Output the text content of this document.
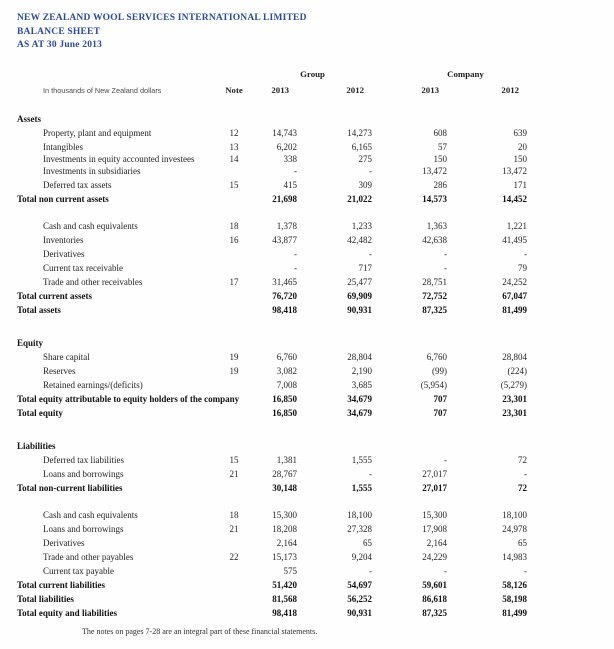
NEW ZEALAND WOOL SERVICES INTERNATIONAL LIMITED
BALANCE SHEET
AS AT 30 June 2013
		Group		Company	
In thousands of New Zealand dollars	Note	2013	2012	2013	2012

Assets					
Property, plant and equipment	12	14,743	14,273	608	639
Intangibles	13	6,202	6,165	57	20
Investments in equity accounted investees	14	338	275	150	150
Investments in subsidiaries		-	-	13,472	13,472
Deferred tax assets	15	415	309	286	171
Total non current assets		21,698	21,022	14,573	14,452

Cash and cash equivalents	18	1,378	1,233	1,363	1,221
Inventories	16	43,877	42,482	42,638	41,495
Derivatives		-	-	-	-
Current tax receivable		-	717	-	79
Trade and other receivables	17	31,465	25,477	28,751	24,252
Total current assets		76,720	69,909	72,752	67,047
Total assets		98,418	90,931	87,325	81,499

Equity					
Share capital	19	6,760	28,804	6,760	28,804
Reserves	19	3,082	2,190	(99)	(224)
Retained earnings/(deficits)		7,008	3,685	(5,954)	(5,279)
Total equity attributable to equity holders of the company		16,850	34,679	707	23,301
Total equity		16,850	34,679	707	23,301

Liabilities					
Deferred tax liabilities	15	1,381	1,555	-	72
Loans and borrowings	21	28,767	-	27,017	-
Total non-current liabilities		30,148	1,555	27,017	72

Cash and cash equivalents	18	15,300	18,100	15,300	18,100
Loans and borrowings	21	18,208	27,328	17,908	24,978
Derivatives		2,164	65	2,164	65
Trade and other payables	22	15,173	9,204	24,229	14,983
Current tax payable		575	-	-	-
Total current liabilities		51,420	54,697	59,601	58,126
Total liabilities		81,568	56,252	86,618	58,198
Total equity and liabilities		98,418	90,931	87,325	81,499
The notes on pages 7-28 are an integral part of these financial statements.
